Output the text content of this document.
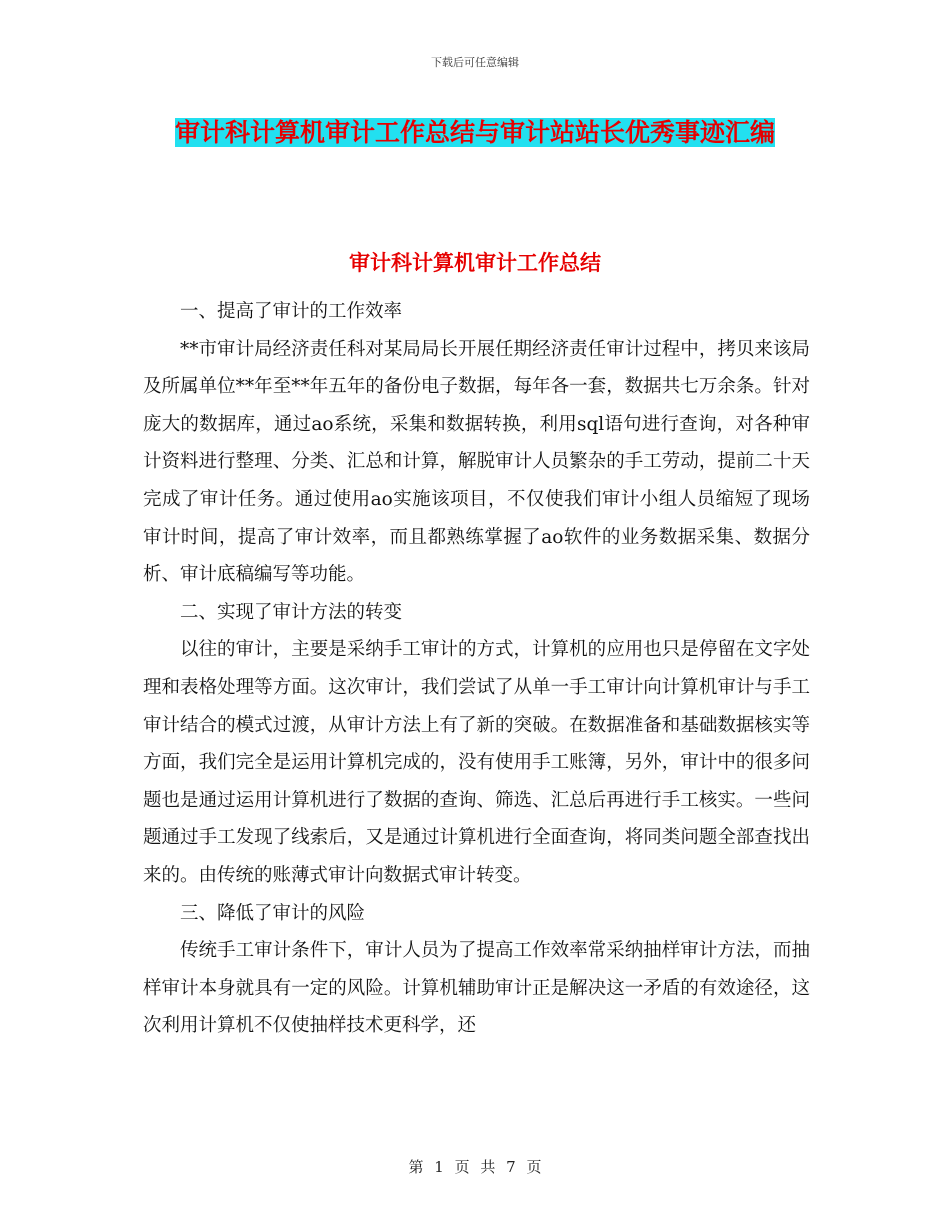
下载后可任意编辑
审计科计算机审计工作总结与审计站站长优秀事迹汇编
审计科计算机审计工作总结

一、提高了审计的工作效率

**市审计局经济责任科对某局局长开展任期经济责任审计过程中，拷贝来该局及所属单位**年至**年五年的备份电子数据，每年各一套，数据共七万余条。针对庞大的数据库，通过ao系统，采集和数据转换，利用sql语句进行查询，对各种审计资料进行整理、分类、汇总和计算，解脱审计人员繁杂的手工劳动，提前二十天完成了审计任务。通过使用ao实施该项目，不仅使我们审计小组人员缩短了现场审计时间，提高了审计效率，而且都熟练掌握了ao软件的业务数据采集、数据分析、审计底稿编写等功能。

二、实现了审计方法的转变

以往的审计，主要是采纳手工审计的方式，计算机的应用也只是停留在文字处理和表格处理等方面。这次审计，我们尝试了从单一手工审计向计算机审计与手工审计结合的模式过渡，从审计方法上有了新的突破。在数据准备和基础数据核实等方面，我们完全是运用计算机完成的，没有使用手工账簿，另外，审计中的很多问题也是通过运用计算机进行了数据的查询、筛选、汇总后再进行手工核实。一些问题通过手工发现了线索后，又是通过计算机进行全面查询，将同类问题全部查找出来的。由传统的账薄式审计向数据式审计转变。

三、降低了审计的风险

传统手工审计条件下，审计人员为了提高工作效率常采纳抽样审计方法，而抽样审计本身就具有一定的风险。计算机辅助审计正是解决这一矛盾的有效途径，这次利用计算机不仅使抽样技术更科学，还

第 1 页 共 7 页
